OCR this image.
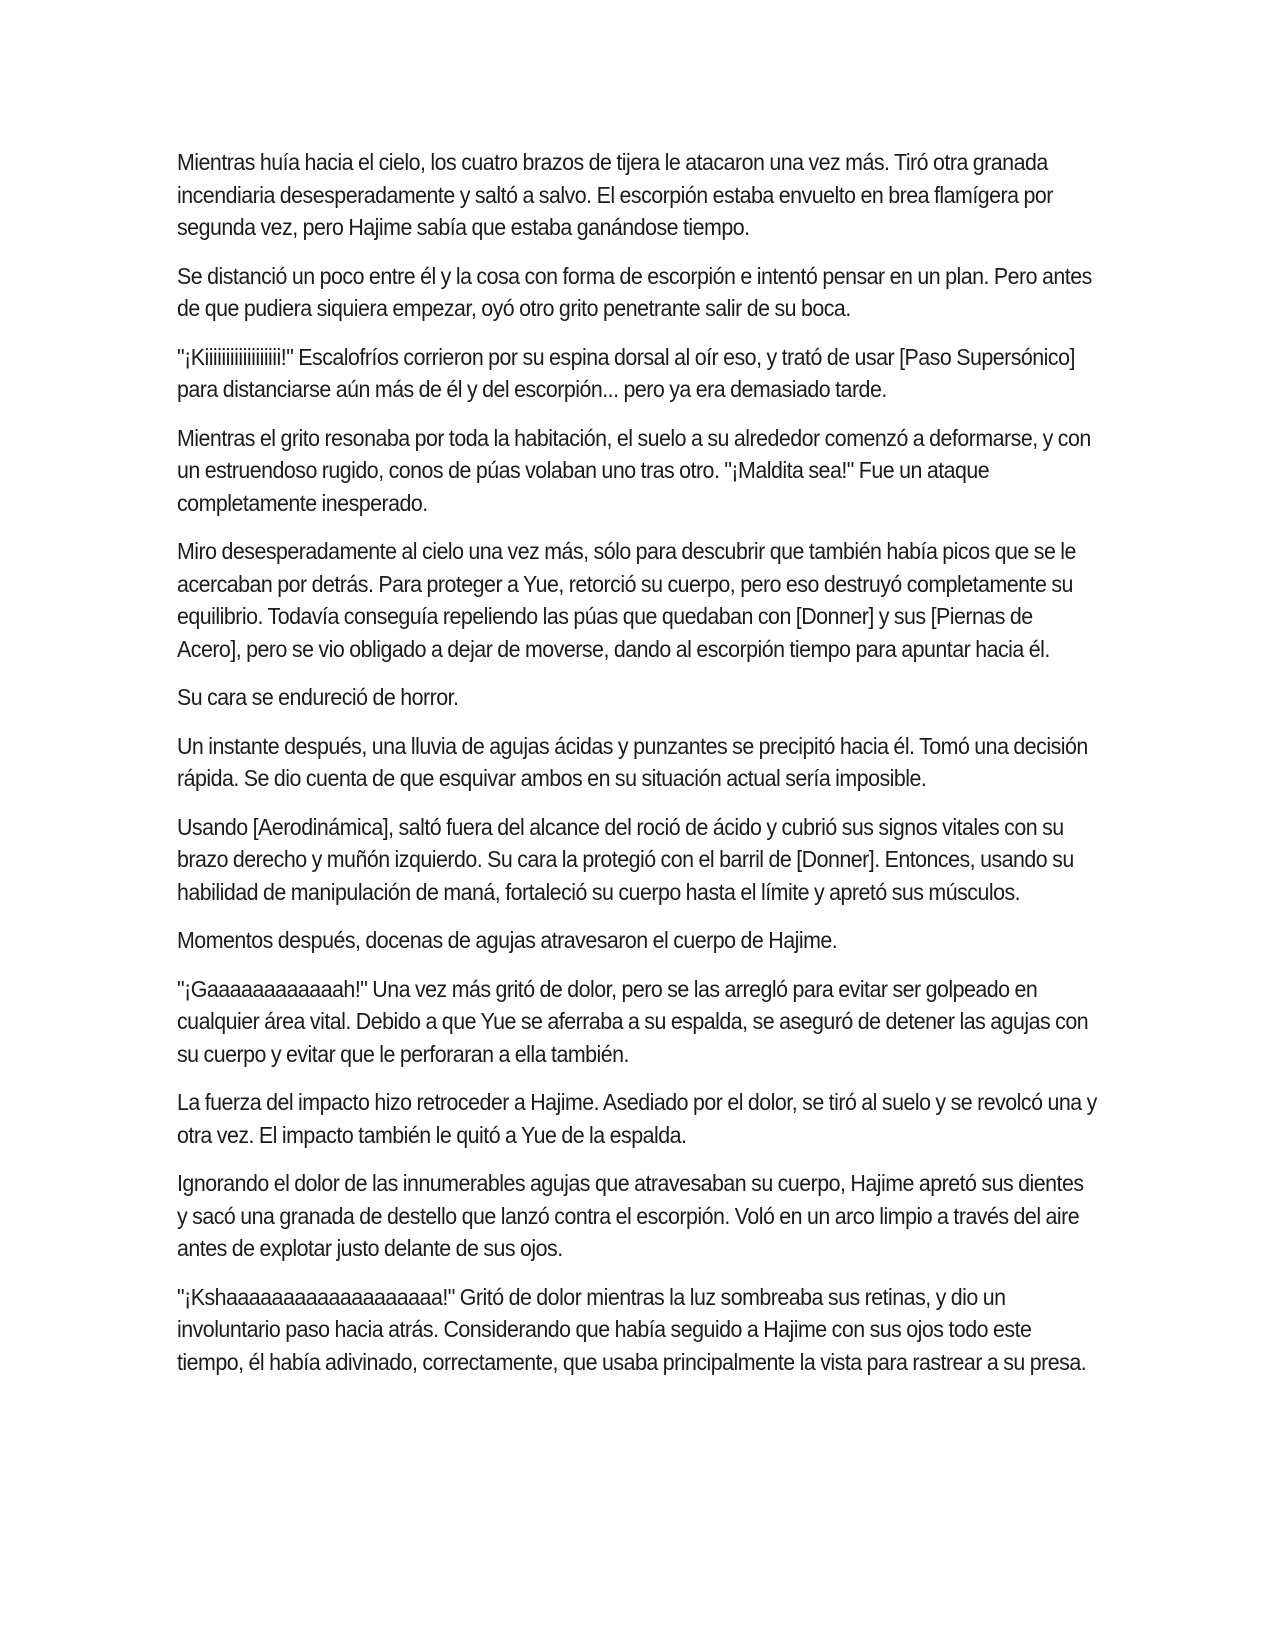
Mientras huía hacia el cielo, los cuatro brazos de tijera le atacaron una vez más. Tiró otra granada incendiaria desesperadamente y saltó a salvo. El escorpión estaba envuelto en brea flamígera por segunda vez, pero Hajime sabía que estaba ganándose tiempo.

Se distanció un poco entre él y la cosa con forma de escorpión e intentó pensar en un plan. Pero antes de que pudiera siquiera empezar, oyó otro grito penetrante salir de su boca.

"¡Kiiiiiiiiiiiiiiiiii!" Escalofríos corrieron por su espina dorsal al oír eso, y trató de usar [Paso Supersónico] para distanciarse aún más de él y del escorpión... pero ya era demasiado tarde.

Mientras el grito resonaba por toda la habitación, el suelo a su alrededor comenzó a deformarse, y con un estruendoso rugido, conos de púas volaban uno tras otro. "¡Maldita sea!" Fue un ataque completamente inesperado.

Miro desesperadamente al cielo una vez más, sólo para descubrir que también había picos que se le acercaban por detrás. Para proteger a Yue, retorció su cuerpo, pero eso destruyó completamente su equilibrio. Todavía conseguía repeliendo las púas que quedaban con [Donner] y sus [Piernas de Acero], pero se vio obligado a dejar de moverse, dando al escorpión tiempo para apuntar hacia él.

Su cara se endureció de horror.

Un instante después, una lluvia de agujas ácidas y punzantes se precipitó hacia él. Tomó una decisión rápida. Se dio cuenta de que esquivar ambos en su situación actual sería imposible.

Usando [Aerodinámica], saltó fuera del alcance del roció de ácido y cubrió sus signos vitales con su brazo derecho y muñón izquierdo. Su cara la protegió con el barril de [Donner]. Entonces, usando su habilidad de manipulación de maná, fortaleció su cuerpo hasta el límite y apretó sus músculos.

Momentos después, docenas de agujas atravesaron el cuerpo de Hajime.

"¡Gaaaaaaaaaaaah!" Una vez más gritó de dolor, pero se las arregló para evitar ser golpeado en cualquier área vital. Debido a que Yue se aferraba a su espalda, se aseguró de detener las agujas con su cuerpo y evitar que le perforaran a ella también.

La fuerza del impacto hizo retroceder a Hajime. Asediado por el dolor, se tiró al suelo y se revolcó una y otra vez. El impacto también le quitó a Yue de la espalda.

Ignorando el dolor de las innumerables agujas que atravesaban su cuerpo, Hajime apretó sus dientes y sacó una granada de destello que lanzó contra el escorpión. Voló en un arco limpio a través del aire antes de explotar justo delante de sus ojos.

"¡Kshaaaaaaaaaaaaaaaaaaa!" Gritó de dolor mientras la luz sombreaba sus retinas, y dio un involuntario paso hacia atrás. Considerando que había seguido a Hajime con sus ojos todo este tiempo, él había adivinado, correctamente, que usaba principalmente la vista para rastrear a su presa.
